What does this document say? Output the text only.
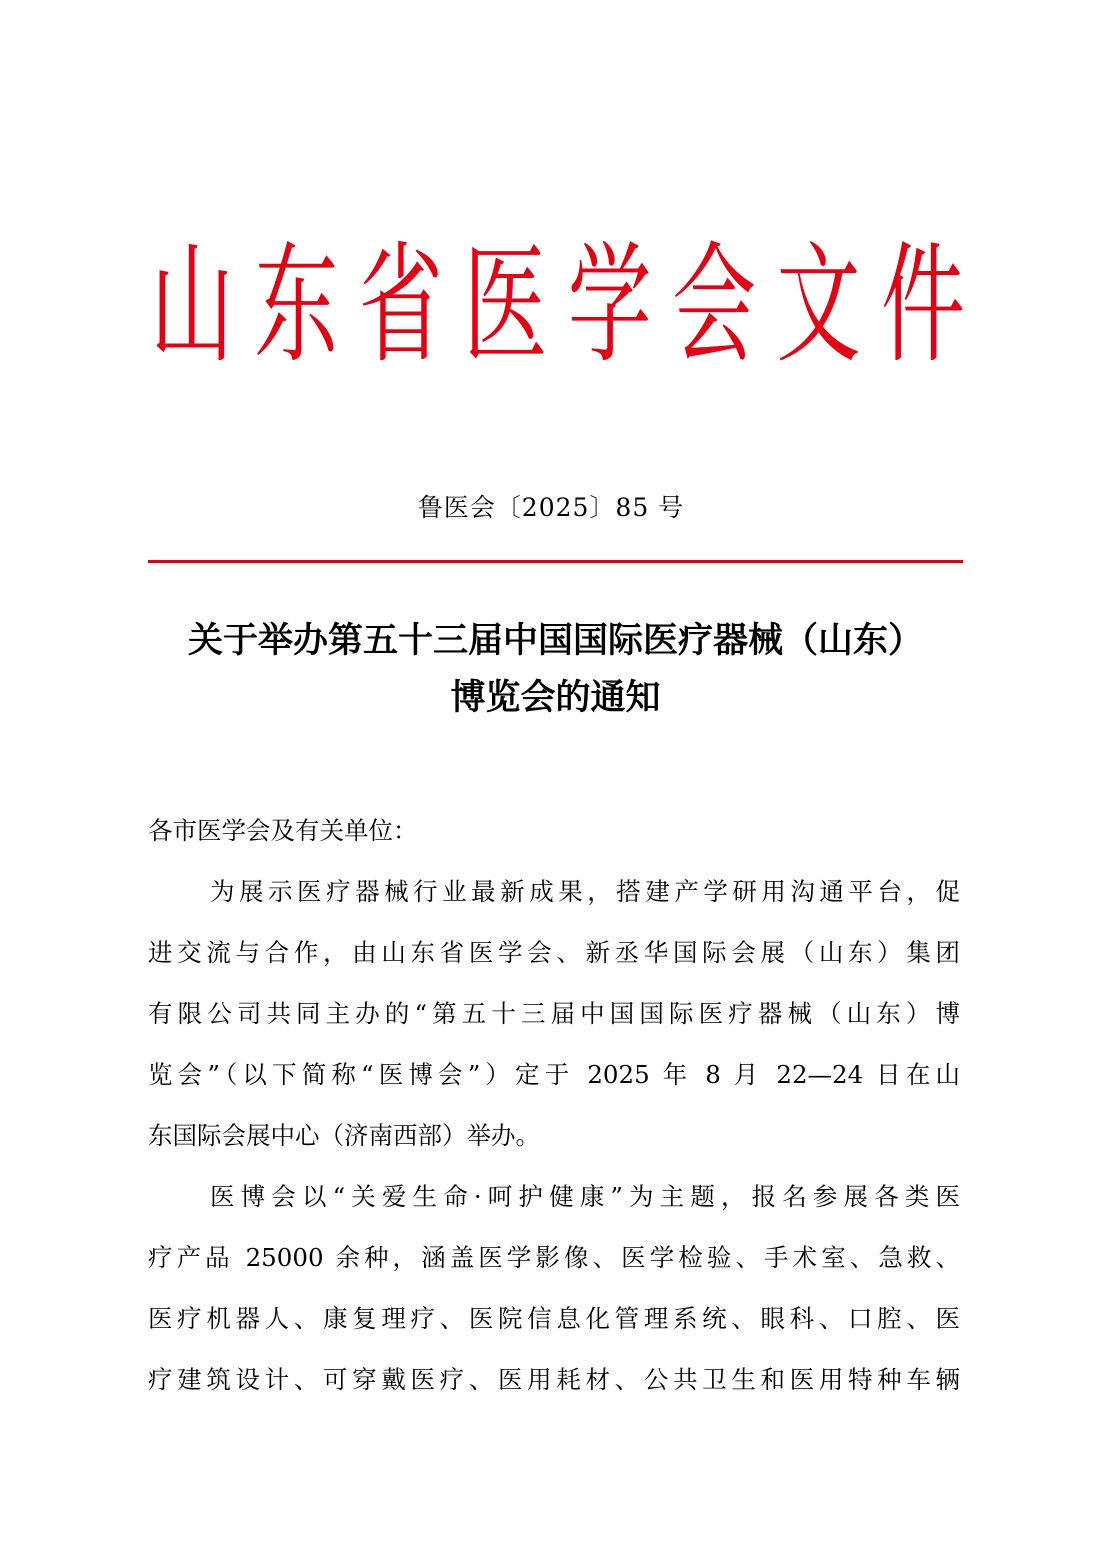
山 东 省 医 学 会 文 件
鲁医会〔2025〕85 号
关于举办第五十三届中国国际医疗器械（山东）
博览会的通知
各市医学会及有关单位：
为展示医疗器械行业最新成果，搭建产学研用沟通平台，促
进交流与合作，由山东省医学会、新丞华国际会展（山东）集团
有限公司共同主办的“第五十三届中国国际医疗器械（山东）博
览会”（以下简称“医博会”）定于 2025 年 8 月 22—24 日在山
东国际会展中心（济南西部）举办。
医博会以“关爱生命·呵护健康”为主题，报名参展各类医
疗产品 25000 余种，涵盖医学影像、医学检验、手术室、急救、
医疗机器人、康复理疗、医院信息化管理系统、眼科、口腔、医
疗建筑设计、可穿戴医疗、医用耗材、公共卫生和医用特种车辆
